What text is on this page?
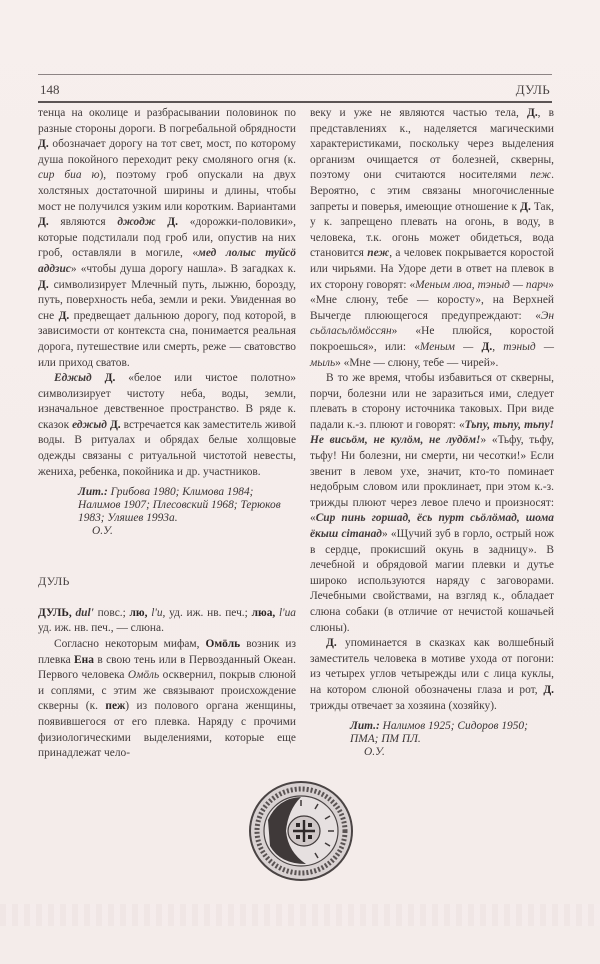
148	ДУЛЬ

тенца на околице и разбрасывании половинок по разные стороны дороги. В погребальной обрядности Д. обозначает дорогу на тот свет, мост, по которому душа покойного переходит реку смоляного огня (к. сир биа ю), поэтому гроб опускали на двух холстяных достаточной ширины и длины, чтобы мост не получился узким или коротким. Вариантами Д. являются джодж Д. «дорожки-половики», которые подстилали под гроб или, опустив на них гроб, оставляли в могиле, «мед лолыс туйсö аддзис» «чтобы душа дорогу нашла». В загадках к. Д. символизирует Млечный путь, лыжню, борозду, путь, поверхность неба, земли и реки. Увиденная во сне Д. предвещает дальнюю дорогу, под которой, в зависимости от контекста сна, понимается реальная дорога, путешествие или смерть, реже — сватовство или приход сватов.

Еджыд Д. «белое или чистое полотно» символизирует чистоту неба, воды, земли, изначальное девственное пространство. В ряде к. сказок еджыд Д. встречается как заместитель живой воды. В ритуалах и обрядах белые холщовые одежды связаны с ритуальной чистотой невесты, жениха, ребенка, покойника и др. участников.

Лит.: Грибова 1980; Климова 1984; Налимов 1907; Плесовский 1968; Терюков 1983; Уляшев 1993а.

О.У.

ДУЛЬ

ДУЛЬ, dul' повс.; лю, l'u, уд. иж. нв. печ.; люа, l'ua уд. иж. нв. печ., — слюна.

Согласно некоторым мифам, Омöль возник из плевка Ена в свою тень или в Первозданный Океан. Первого человека Омöль осквернил, покрыв слюной и соплями, с этим же связывают происхождение скверны (к. пеж) из полового органа женщины, появившегося от его плевка. Наряду с прочими физиологическими выделениями, которые еще принадлежат чело-

веку и уже не являются частью тела, Д., в представлениях к., наделяется магическими характеристиками, поскольку через выделения организм очищается от болезней, скверны, поэтому они считаются носителями пеж. Вероятно, с этим связаны многочисленные запреты и поверья, имеющие отношение к Д. Так, у к. запрещено плевать на огонь, в воду, в человека, т.к. огонь может обидеться, вода становится пеж, а человек покрывается коростой или чирьями. На Удоре дети в ответ на плевок в их сторону говорят: «Меным люа, тэныд — парч» «Мне слюну, тебе — коросту», на Верхней Вычегде плюющегося предупреждают: «Эн сьöласьлöмöссян» «Не плюйся, коростой покроешься», или: «Меным — Д., тэныд — мыль» «Мне — слюну, тебе — чирей».

В то же время, чтобы избавиться от скверны, порчи, болезни или не заразиться ими, следует плевать в сторону источника таковых. При виде падали к.-з. плюют и говорят: «Тьпу, тьпу, тьпу! Не висьöм, не кулöм, не лудöм!» «Тьфу, тьфу, тьфу! Ни болезни, ни смерти, ни чесотки!» Если звенит в левом ухе, значит, кто-то поминает недобрым словом или проклинает, при этом к.-з. трижды плюют через левое плечо и произносят: «Сир пинь горшад, ёсь пурт сьöлöмад, шома ёкыш сiтанад» «Щучий зуб в горло, острый нож в сердце, прокисший окунь в задницу». В лечебной и обрядовой магии плевки и дутье широко используются наряду с заговорами. Лечебными свойствами, на взгляд к., обладает слюна собаки (в отличие от нечистой кошачьей слюны).

Д. упоминается в сказках как волшебный заместитель человека в мотиве ухода от погони: из четырех углов четырежды или с лица куклы, на котором слюной обозначены глаза и рот, Д. трижды отвечает за хозяина (хозяйку).

Лит.: Налимов 1925; Сидоров 1950; ПМА; ПМ ПЛ.

О.У.
